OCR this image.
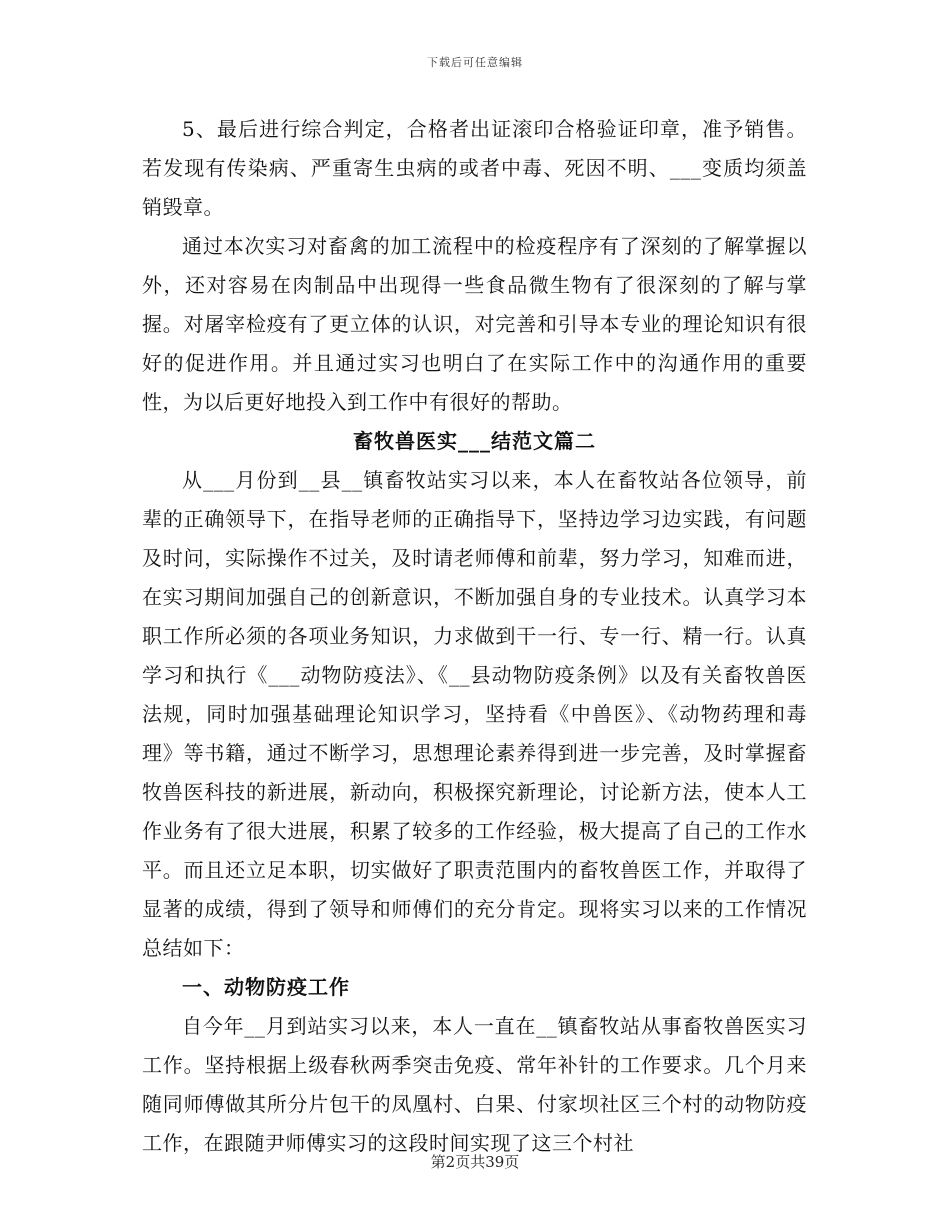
下载后可任意编辑

5、最后进行综合判定，合格者出证滚印合格验证印章，准予销售。若发现有传染病、严重寄生虫病的或者中毒、死因不明、___变质均须盖销毁章。

通过本次实习对畜禽的加工流程中的检疫程序有了深刻的了解掌握以外，还对容易在肉制品中出现得一些食品微生物有了很深刻的了解与掌握。对屠宰检疫有了更立体的认识，对完善和引导本专业的理论知识有很好的促进作用。并且通过实习也明白了在实际工作中的沟通作用的重要性，为以后更好地投入到工作中有很好的帮助。

畜牧兽医实___结范文篇二

从___月份到__县__镇畜牧站实习以来，本人在畜牧站各位领导，前辈的正确领导下，在指导老师的正确指导下，坚持边学习边实践，有问题及时问，实际操作不过关，及时请老师傅和前辈，努力学习，知难而进，在实习期间加强自己的创新意识，不断加强自身的专业技术。认真学习本职工作所必须的各项业务知识，力求做到干一行、专一行、精一行。认真学习和执行《___动物防疫法》、《__县动物防疫条例》以及有关畜牧兽医法规，同时加强基础理论知识学习，坚持看《中兽医》、《动物药理和毒理》等书籍，通过不断学习，思想理论素养得到进一步完善，及时掌握畜牧兽医科技的新进展，新动向，积极探究新理论，讨论新方法，使本人工作业务有了很大进展，积累了较多的工作经验，极大提高了自己的工作水平。而且还立足本职，切实做好了职责范围内的畜牧兽医工作，并取得了显著的成绩，得到了领导和师傅们的充分肯定。现将实习以来的工作情况总结如下：

一、动物防疫工作

自今年__月到站实习以来，本人一直在__镇畜牧站从事畜牧兽医实习工作。坚持根据上级春秋两季突击免疫、常年补针的工作要求。几个月来随同师傅做其所分片包干的凤凰村、白果、付家坝社区三个村的动物防疫工作，在跟随尹师傅实习的这段时间实现了这三个村社

第2页共39页
